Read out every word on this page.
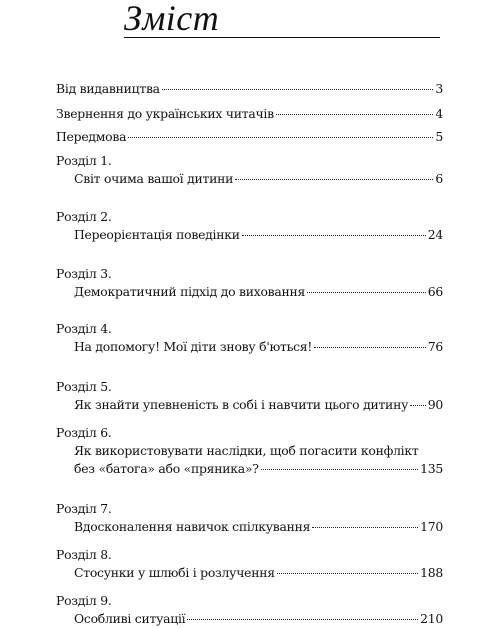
Зміст
Від видавництва	3
Звернення до українських читачів	4
Передмова	5
Розділ 1.
Світ очима вашої дитини	6
Розділ 2.
Переорієнтація поведінки	24
Розділ 3.
Демократичний підхід до виховання	66
Розділ 4.
На допомогу! Мої діти знову б'ються!	76
Розділ 5.
Як знайти упевненість в собі і навчити цього дитину 90
Розділ 6.
Як використовувати наслідки, щоб погасити конфлікт
без «батога» або «пряника»?	135
Розділ 7.
Вдосконалення навичок спілкування	170
Розділ 8.
Стосунки у шлюбі і розлучення	188
Розділ 9.
Особливі ситуації	210
